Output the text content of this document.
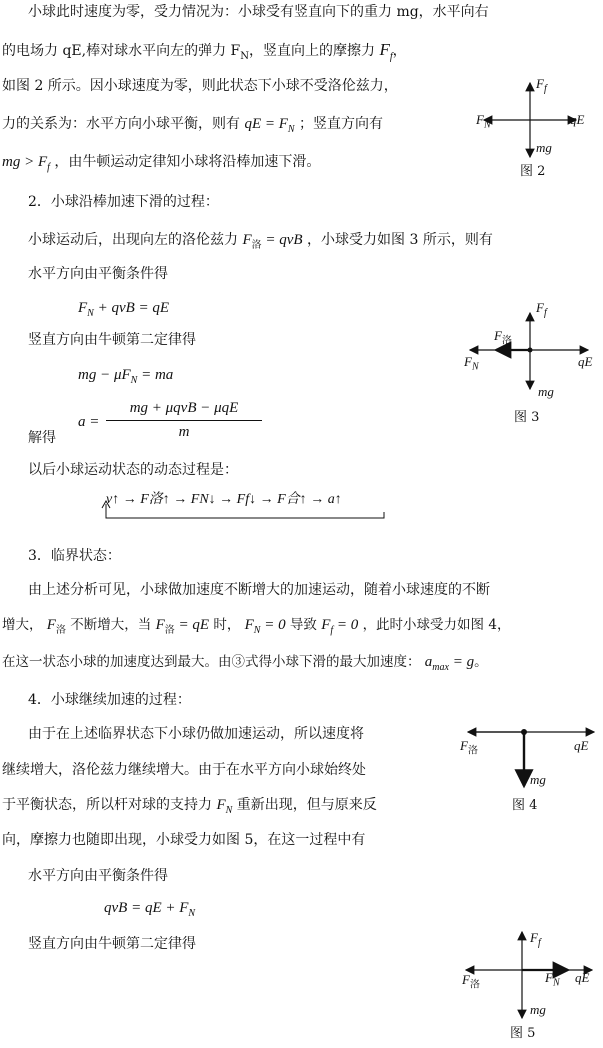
小球此时速度为零，受力情况为：小球受有竖直向下的重力 mg，水平向右
的电场力 qE,棒对球水平向左的弹力 $F_N$，竖直向上的摩擦力 $F_f$，
如图 2 所示。因小球速度为零，则此状态下小球不受洛伦兹力，
力的关系为：水平方向小球平衡，则有 qE = $F_N$ ；竖直方向有
mg > $F_f$ ，由牛顿运动定律知小球将沿棒加速下滑。
$F_f$
$F_N$	qE
mg
图 2
2．小球沿棒加速下滑的过程：
小球运动后，出现向左的洛伦兹力 $F_洛$ = qvB ，小球受力如图 3 所示，则有
水平方向由平衡条件得
$F_N$ + qvB = qE
竖直方向由牛顿第二定律得
mg − $\mu F_N$ = ma
a =
mg + μqvB − μqE
m
解得
以后小球运动状态的动态过程是：
v↑ → F洛↑ → FN↓ → Ff↓ → F合↑ → a↑
$F_f$
$F_洛$
$F_N$	qE
mg
图 3
3．临界状态：
由上述分析可见，小球做加速度不断增大的加速运动，随着小球速度的不断
增大， $F_洛$ 不断增大，当 $F_洛$ = qE 时， $F_N = 0$ 导致 $F_f = 0$ ，此时小球受力如图 4，
在这一状态小球的加速度达到最大。由③式得小球下滑的最大加速度： $a_{max} = g$。
4．小球继续加速的过程：
由于在上述临界状态下小球仍做加速运动，所以速度将
继续增大，洛伦兹力继续增大。由于在水平方向小球始终处
于平衡状态，所以杆对球的支持力 $F_N$ 重新出现，但与原来反
向，摩擦力也随即出现，小球受力如图 5，在这一过程中有
水平方向由平衡条件得
qvB = qE + $F_N$
竖直方向由牛顿第二定律得
$F_洛$	qE
mg
图 4
$F_f$
$F_洛$
$F_N$ qE
mg
图 5
